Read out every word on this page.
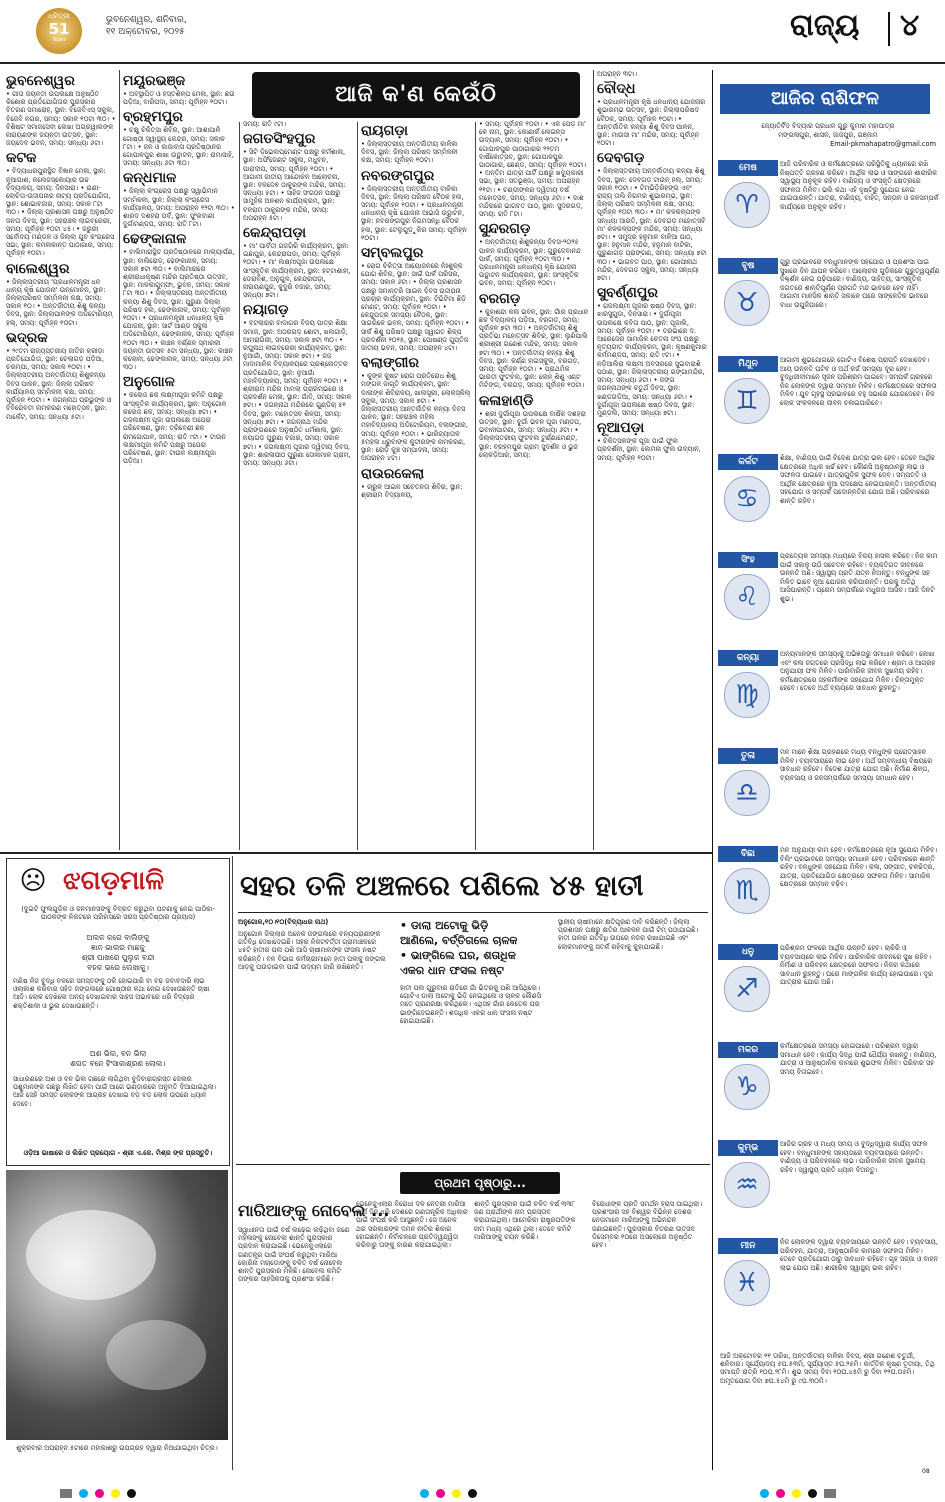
ଧରିତ୍ରୀ
51
Years
ଭୁବନେଶ୍ୱର, ଶନିବାର,
୧୧ ଅକ୍ଟୋବର, ୨୦୨୫	ରାଜ୍ୟ ୪
ଆଜି କ'ଣ କେଉଁଠି
ଭୁବନେଶ୍ୱର
• ଗୀତା ଜୟନ୍ତୀ ଉପଲକ୍ଷେ ଅନୁଷ୍ଠିତ କିଶୋର ପ୍ରତିଯୋଗିତାର ପୁରସ୍କାର ବିତରଣ ସମାରୋହ, ସ୍ଥାନ: ବିଜେବିଏସ୍ ସ୍କୁଲ, ବିଜେବି ନଗର, ସମୟ: ସକାଳ ୧୦ଟା ୩୦। • ବିଶିଷ୍ଟ ସମାଜସେବୀ ଲେଖା ଅଗ୍ରୱାଲଙ୍କ ନାରାୟଣଙ୍କ ଜୟନ୍ତୀ ଉତ୍ସବ, ସ୍ଥାନ: ଜୟଦେବ ଭବନ, ସମୟ: ସନ୍ଧ୍ୟା ୬ଟା।
କଟକ
• ବିଦ୍ୟାଧରପୁରସ୍ଥିତ ବିଜ୍ଞାନ ମେଳା, ସ୍ଥାନ: ନୂଆପାଶ, କଲେଜସ୍କୋୟାର ଉଚ୍ଚ ବିଦ୍ୟାଳୟ, ସମୟ: ଦିନସାରା। • ରାଣୀ-ଲୋଚିତା-ଉଦ୍ଦୀପନାର ନାଟ୍ୟ ପ୍ରତିଯୋଗିତା, ସ୍ଥାନ: ଶୋଭାବଜାର, ସମୟ: ସକାଳ ୮ଟା ୩୦। • ଜିଲ୍ଲା ପ୍ରଶାସନ ପକ୍ଷରୁ ଅନୁଷ୍ଠିତ ଜନତା ଦିବସ, ସ୍ଥାନ: ସହରାଞ୍ଚଳ ଲାଇବ୍ରେରୀ, ସମୟ: ପୂର୍ବାହ୍ନ ୧୦ଟା ୪୫। • ଜରୁରୀ ସର୍ବୋଦୟ ମଣ୍ଡଳ ଓ ଜିଲ୍ଲା ଯୁବ କଂଗ୍ରେସ ସଭା, ସ୍ଥାନ: କମଳାକାନ୍ତ ପାଠାଗାର, ସମୟ: ପୂର୍ବାହ୍ନ ୧୦ଟା।
ବାଲେଶ୍ୱର
• ଜିଲ୍ଲାସ୍ତରୀୟ 'ପ୍ରଧାନମନ୍ତ୍ରୀ ଧନ ଧାନ୍ୟ କୃଷି ଯୋଜନା' ଉନ୍ମୋଚନ, ସ୍ଥାନ: ଜିଲ୍ଲାପରିଷଦ ସମ୍ମିଳନୀ କକ୍ଷ, ସମୟ: ସକାଳ ୧୦। • ଅନ୍ତର୍ଜାତୀୟ ଶିଶୁ କନ୍ୟା ଦିବସ, ସ୍ଥାନ: ଜିଲ୍ଲାପାଳଙ୍କ ଅଡିଟୋରିୟମ୍ ହଲ୍, ସମୟ: ପୂର୍ବାହ୍ନ ୧୦ଟା।
ଭଦ୍ରକ
• ୨୯ତମ ରାଜ୍ୟସ୍ତରୀୟ ଜାତିର କ୍ରୀଡ଼ା ପ୍ରତିଯୋଗିତା, ସ୍ଥାନ: ଚେଲାଗଡ଼ ପଡ଼ିଆ, ଚରମ୍ପା, ସମୟ: ସକାଳ ୧୦ଟା। • ଜିଲ୍ଲାସ୍ତରୀୟ ଅନ୍ତର୍ଜାତୀୟ ଶିଶୁକନ୍ୟା ଦିବସ ପାଳନ, ସ୍ଥାନ: ଜିଲ୍ଲା ପରିଷଦ କାର୍ଯ୍ୟାଳୟ ସମ୍ମିଳନୀ କକ୍ଷ, ସମୟ: ପୂର୍ବାହ୍ନ ୧୦ଟା। • ଜଗନ୍ନାଥ ପ୍ରଭୁଙ୍କ ଓ ବିବିରେବତୀ ନାମକରଣ ମହୋତ୍ସବ, ସ୍ଥାନ: ମାର୍କେଟ, ସମୟ: ସନ୍ଧ୍ୟା ୫ଟା।
ମୟୂରଭଞ୍ଜ
• ଅବସ୍ଥାପିତ ଓ ହସ୍ତଶିଳ୍ପ ମେଳା, ସ୍ଥାନ: ଛଉ ପଡ଼ିଆ, ବାରିପଦା, ସମୟ: ପୂର୍ବାହ୍ନ ୧୦ଟା।
ବ୍ରହ୍ମପୁର
• ଚକ୍ଷୁ ଚିକିତ୍ସା ଶିବିର, ସ୍ଥାନ: ଆଶାପାଳି ଗୋଷ୍ଠୀ ସ୍ୱାସ୍ଥ୍ୟ କେନ୍ଦ୍ର, ସମୟ: ସକାଳ ୮ଟା। • ଜନ ଓ କାଜାବାସ ପ୍ରତିଷ୍ଠାନର ଗୋପାଳପୁର ଶାଖା ଉଦ୍ଘାଟନ, ସ୍ଥାନ: ରାମାସାହି, ସମୟ: ସନ୍ଧ୍ୟା ୬ଟା ୩୦।
କନ୍ଧମାଳ
• ଜିଲ୍ଲା କଂଗ୍ରେସ ପକ୍ଷରୁ ସ୍ୱାଭିମାନ ସମ୍ମିଳନୀ, ସ୍ଥାନ: ଜିଲ୍ଲା କଂଗ୍ରେସ କାର୍ଯ୍ୟାଳୟ, ସମୟ: ଅପରାହ୍ନ ୧୨ଟା ୩୦। • ଶାରଦ ଦଶହରା ପର୍ବ, ସ୍ଥାନ: ଫୁଲବାଣୀ ଦୁର୍ଗାମଣ୍ଡପ, ସମୟ: ରାତି ୮ଟା।
ଢେଙ୍କାନାଳ
• ବାଲିମାରାସ୍ଥିତ ପ୍ରତିଷ୍ଠାନରେ ମାଲ୍ୟାର୍ପଣ, ସ୍ଥାନ: ବାଲିରୋଡ଼, ଢେଙ୍କାନାଳ, ସମୟ: ସକାଳ ୭ଟା ୩୦। • ବାଲିମାରାରେ ଶ୍ରୀରାଧାକୃଷ୍ଣ ମନ୍ଦିର ପ୍ରତିଷ୍ଠା ଉତ୍ସବ, ସ୍ଥାନ: ମାଳକାଗୁମ୍ଫା, ଭୁବନ, ସମୟ: ସକାଳ ୮ଟା ୩୦। • ଜିଲ୍ଲାସ୍ତରୀୟ ଅନ୍ତର୍ଜାତୀୟ କନ୍ୟା ଶିଶୁ ଦିବସ, ସ୍ଥାନ: ପୁରୁଣା ଜିଲ୍ଲା ପରିଷଦ ହଲ, ଢେଙ୍କାନାଳ, ସମୟ: ପୂର୍ବାହ୍ନ ୧୦ଟା। • ପ୍ରଧାନମନ୍ତ୍ରୀ ଧନଧାନ୍ୟ କୃଷି ଯୋଜନା, ସ୍ଥାନ: ସାର୍ଟ ଆଣ୍ଡ ସ୍କୁଲ ଅଡିଟୋରିୟମ, ଢେଙ୍କାନାଳ, ସମୟ: ପୂର୍ବାହ୍ନ ୧୦ଟା ୩୦। • କାଞ୍ଚନ ବର୍ଣ୍ଣନ ସ୍ମାରକୀ ଜୟନ୍ତୀ ଉତ୍ସବ ୫ଟା ସନ୍ଧ୍ୟା, ସ୍ଥାନ: କାଞ୍ଚନ କଲୋନୀ, ଢେଙ୍କାନାଳ, ସମୟ: ସନ୍ଧ୍ୟା ୬ଟା ୩୦।
ଅନୁଗୋଳ
• କଲେଜ ଛକ ଲକ୍ଷ୍ମୀପୂଜା କମିଟି ପକ୍ଷରୁ ସାଂସ୍କୃତିକ କାର୍ଯ୍ୟକ୍ରମ, ସ୍ଥାନ: ଅନୁଗୋଳ କଲେଜ ଛକ, ସମୟ: ସନ୍ଧ୍ୟା ୭ଟା। • ଗଜଲକ୍ଷ୍ମୀ ପୂଜା ଉପଲକ୍ଷେ ଅପେରା ପରିବେଷଣ, ସ୍ଥାନ: ତ୍ରିବେଣୀ ଛକ ରାମଗୋପାଳ, ସମୟ: ରାତି ୯ଟା। • ଟାଉନ ଲକ୍ଷ୍ମୀପୂଜା କମିଟି ପକ୍ଷରୁ ଅପେରା ପରିବେଷଣ, ସ୍ଥାନ: ଟାଉନ ଲକ୍ଷ୍ମୀପୂଜା ପଡ଼ିଆ।
ସମୟ: ରାତି ୯ଟା।
ଜଗତସିଂହପୁର
• ସିଟି ଡ଼ିଭେଲପ୍ମେଣ୍ଟ ପକ୍ଷରୁ କର୍ମଶାଳା, ସ୍ଥାନ: ଅର୍ଫିଜେଣ୍ଟ ସ୍କୁଲ, ମଧୁବନ, ପାରାଦୀପ, ସମୟ: ପୂର୍ବାହ୍ନ ୧୦ଟା। • ଆଗାମୀ ଜାତୀୟ ଆନ୍ଦୋଳନ ଆଲୋଚନା, ସ୍ଥାନ: ବଳଦେଵ ଠାକୁରଙ୍କ ମନ୍ଦିର, ସମୟ: ସନ୍ଧ୍ୟା ୫ଟା। • ସାହିଜ ସଂଗଠନ ପକ୍ଷରୁ ସାମୁହିକ ଅନଶନ କାର୍ଯ୍ୟକ୍ରମ, ସ୍ଥାନ: ବଳରାମ ଠାକୁରଙ୍କ ମନ୍ଦିର, ସମୟ: ଅପରାହ୍ନ ୫ଟା।
କେନ୍ଦ୍ରାପଡ଼ା
• ମା' ପାର୍ବତୀ ଗଜଗିରି କାର୍ଯ୍ୟକ୍ରମ, ସ୍ଥାନ: ଇଛାପୁର, କେନ୍ଦ୍ରାପଡ଼ା, ସମୟ: ପୂର୍ବାହ୍ନ ୧୦ଟା। • ମା' ଲକ୍ଷ୍ମୀପୂଜା ଉପଲକ୍ଷେ ସାଂସ୍କୃତିକ କାର୍ଯ୍ୟକ୍ରମ, ସ୍ଥାନ: ହଟ୍ଟାଶାହୀ, ଡେରାବିଶ, ଅନୁଗୁଳ, କେନ୍ଦ୍ରାପଡ଼ା, ନାରାୟଣପୁର, କୁଦୁରି ବଜାର, ସମୟ: ସନ୍ଧ୍ୟା ୭ଟା।
ନୟାଗଡ଼
• ବଟଲାରାର ବାଦାଗର ବିଜୟ ପାତ୍ର ଶିକ୍ଷା ସମାଜ, ସ୍ଥାନ: ଅଠରଗଡ଼ ଶୋଟା, ଖଲଗାଡ଼ି, ଆମରାଗିରୀ, ସମୟ: ସକାଳ ୭ଟା ୩୦। • ରଘୁନାଥ ଲାଇବ୍ରେରୀ କାର୍ଯ୍ୟକ୍ରମ, ସ୍ଥାନ: ନୁଆଗାଁ, ସମୟ: ସକାଳ ୭ଟା। • ଜଜ ମାଦାମାନିକ ବିଦ୍ୟାଳୟରେ ପ୍ରଶ୍ନୋତ୍ତର ପ୍ରତିଯୋଗିତା, ସ୍ଥାନ: ନୁଆଗାଁ ମହାବିଦ୍ୟାଳୟ, ସମୟ: ପୂର୍ବାହ୍ନ ୧୦ଟା। • ଶ୍ରୀରାମ ମନ୍ଦିର ମାମଲା ପ୍ରାରମ୍ଭରେ ଓ ପ୍ରଦର୍ଶନ ମେଳା, ସ୍ଥାନ: ଗାଁଦି, ସମୟ: ସକାଳ ୭ଟା। • ଜଗନ୍ନାଥ ମନ୍ଦିରରେ ଗୁଣ୍ଡିଚା ୫୧ ଦିବସ, ସ୍ଥାନ: ମହୋତ୍ସବ ଶିଳ୍ପୀ, ସମୟ: ସନ୍ଧ୍ୟା ୭ଟା। • ଜଗନ୍ନାଥ ମନ୍ଦିର ପ୍ରାଙ୍ଗଣରେ ଅନୁଷ୍ଠିତ ଧର୍ମଶାଳା, ସ୍ଥାନ: ନୟାଗଡ଼ ପୁରୁଣା ବଜାର, ସମୟ: ସକାଳ ୭ଟା। • ଜଗଲକ୍ଷ୍ମୀ ପୂଜାର ଦ୍ୱିତୀୟ ଦିବସ, ସ୍ଥାନ: ଶାରଳାପୀଠ ପୁରୁଣା ତୋଳାମାଳ ଗ୍ରାମ, ସମୟ: ସନ୍ଧ୍ୟା ୬ଟା।
ରାୟଗଡ଼ା
• ଜିଲ୍ଲାସ୍ତରୀୟ ଅନ୍ତର୍ଜାତୀୟ କାଳିକା ଦିବସ, ସ୍ଥାନ: ଜିଲ୍ଲା ପରିଷଦ ସମ୍ମିଳନୀ କକ୍ଷ, ସମୟ: ପୂର୍ବାହ୍ନ ୧୦ଟା।
ନବରଙ୍ଗପୁର
• ଜିଲ୍ଲାସ୍ତରୀୟ ଅନ୍ତର୍ଜାତୀୟ ବାଳିକା ଦିବସ, ସ୍ଥାନ: ଜିଲ୍ଲା ପରିଷଦ ବୈଠକ ହଲ, ସମୟ: ପୂର୍ବାହ୍ନ ୧୦ଟା। • ପ୍ରଧାନମନ୍ତ୍ରୀ ଧନଧାନ୍ୟ କୃଷି ଯୋଜନା ଆଭାସି ଉଦ୍ଘାଟନ, ସ୍ଥାନ: ନବରଙ୍ଗପୁର ନିଗମସନ୍ଧି ବୈଠକ ହଲ, ସ୍ଥାନ: ଟେଲୁଗୁଡ଼ୁକିର ସମୟ: ପୂର୍ବାହ୍ନ ୧୦ଟା।
ସମ୍ବଲପୁର
• ରୋଗ ଚିକିତ୍ସା ଆୟୋଜନରେ ନିଃଶୁଳ୍କ ଯୋଗ ଶିବିର, ସ୍ଥାନ: ସାଇଁ ପାର୍କ ପରିସର, ସମୟ: ସକାଳ ୬ଟା। • ଜିଲ୍ଲା ପ୍ରଶାସନ ପକ୍ଷରୁ ସମାନ୍ତରି ଆଇନ ଦିବସ ଉଦ୍ଦୀପନା ପ୍ରଚାର କାର୍ଯ୍ୟକ୍ରମ, ସ୍ଥାନ: ଟିଭିଟିମା ଛିଡ଼ି ମେଣ୍ଟ, ସମୟ: ପୂର୍ବାହ୍ନ ୧୦ଟା। • କେନ୍ଦୁପତ୍ର ସମସ୍ୟା ବୈଠକ, ସ୍ଥାନ: ସାଗରିକେ ଭବନ, ସମୟ: ପୂର୍ବାହ୍ନ ୧୦ଟା। • ସାର୍କ ଶିଶୁ ପରିଷଦ ପକ୍ଷରୁ ସ୍ୱାଗତ ଶିଳ୍ପ ପ୍ରଦର୍ଶନୀ ୨୦୨୫, ସ୍ଥାନ: ପୋଷଣ୍ଡ ଗୁପ୍ତିଜ ଜାତୀୟ ଭବନ, ସମୟ: ଅପରାହ୍ନ ୪ଟା।
ବଲାଙ୍ଗୀର
• କୁଙ୍କ କୁଷ୍ଟ ରୋଗ ପ୍ରତିରୋଧ ଶିଶୁ ମଙ୍ଗଳ ଜାଗୃତି କାର୍ଯ୍ୟକ୍ରମ, ସ୍ଥାନ: ଦାଲାଙ୍କ ଶିବିରାଳୟ, ଖାଲସ୍ତ୍ରୀ, ଲୋକସ୍କିଲ୍ ସ୍କୁଲ, ସମୟ: ସକାଳ ୭ଟା। • ଜିଲ୍ଲାସ୍ତରୀୟ ଆନ୍ତର୍ଜାତିକ କନ୍ୟା ଦିବସ ପାଳନ, ସ୍ଥାନ: ସହରାଞ୍ଚଳ ମହିଳା ମହାବିଦ୍ୟାଳୟ ଅଡିଟୋରିୟମ, ବଲାଙ୍ଗୀର, ସମୟ: ପୂର୍ବାହ୍ନ ୧୦ଟା। • ଭାରିଜ୍ୟାତାଳ ୫ମହଲ ଧ୍ରୁବାଙ୍କ କୁଟୀରଙ୍କ ନାମକରଣ, ସ୍ଥାନ: ରୋଡ଼ି କୁଞ୍ଚ ସମ୍ପାଦନା, ସମୟ: ଅପରାହ୍ନ ୪ଟା।
ରାଉରକେଲା
• ଚାରୁଳ ଆଇନ ସଚେତନତା ଶିବିର, ସ୍ଥାନ: ଶ୍ରୀରାମ ବିଦ୍ୟାଳୟ,
• ସମୟ: ପୂର୍ବାହ୍ନ ୧୦ଟା। • ଏକ ପେଡ଼ ମା' କେ ନାମ, ସ୍ଥାନ: କୋଣାର୍କ ଲେଇନ୍ସ ଉଦ୍ୟାନ, ସମୟ: ପୂର୍ବାହ୍ନ ୧୦ଟା। • ଗୋପାଳପୁର ପାଠାଗାରର ୨୨ତମ ବାର୍ଷିକୋତ୍ସବ, ସ୍ଥାନ: ଗୋପାଳପୁର ପାଠାଗାର, ଛେଣ୍ଡ, ସମୟ: ପୂର୍ବାହ୍ନ ୧୦ଟା। • ଅନ୍ତିମ ଯାତ୍ରା ପାର୍ଟି ପକ୍ଷରୁ ଖଦ୍ୟୁକାରୀ ସଭା, ସ୍ଥାନ: ସତଭୂଞ୍ଜା, ସମୟ: ଅପରାହ୍ନ ୧୧ଟା। • ଚଣ୍ଡୀଙ୍କର ଦ୍ୱିତୀୟ ବର୍ଷ ମହୋତ୍ସବ, ସମୟ: ସନ୍ଧ୍ୟା ୬ଟା। • ଦାଶ ମନ୍ଦିରରେ ଭାଗବତ ପାଠ, ସ୍ଥାନ: ସୁଦରଗଡ଼, ସମୟ: ରାତି ୮ଟା।
ସୁନ୍ଦରଗଡ଼
• ଅନ୍ତର୍ଜାତୀୟ ଶିଶୁକନ୍ୟା ଦିବସ-୨୦୨୫ ପାଳନ କାର୍ଯ୍ୟକ୍ରମ, ସ୍ଥାନ: ଗୁରୁଦେବାନନ୍ଦ ପାର୍କ, ସମୟ: ପୂର୍ବାହ୍ନ ୧୦ଟା ୩୦। • ପ୍ରଧାନମନ୍ତ୍ରୀ ଧନଧାନ୍ୟ କୃଷି ଯୋଜନା ଉଦ୍ଘାଟନ କାର୍ଯ୍ୟକ୍ରମ, ସ୍ଥାନ: ସାଂସ୍କୃତିକ ଭବନ, ସମୟ: ପୂର୍ବାହ୍ନ ୧୦ଟା।
ବରଗଡ଼
• କୁହାଶନ୍ଦା କଳା ଭବନ, ସ୍ଥାନ: ଗାଁର ପ୍ରଧାନ ଛକ ବିଦ୍ୟାଳୟ ପଡ଼ିଆ, ବରଗଡ଼, ସମୟ: ପୂର୍ବାହ୍ନ ୭ଟା ୩୦। • ଅନ୍ତର୍ଜାତୀୟ ଶିଶୁ ପ୍ରତିଭା ମହୋତ୍ସବ ଶିବିର, ସ୍ଥାନ: ଲୁଣିପାଲି ଶ୍ରୀଶ୍ରୀ ଗଣେଶ ମନ୍ଦିର, ସମୟ: ସକାଳ ୭ଟା ୩୦। • ଅନ୍ତର୍ଜାତୀୟ କନ୍ୟା ଶିଶୁ ଦିବସ, ସ୍ଥାନ: କର୍ଣ୍ଣ ହାଇସ୍କୁଲ, ବରଗଡ଼, ସମୟ: ପୂର୍ବାହ୍ନ ୧୦ଟା। • ପ୍ରାଥମିକ ଭାରତୀ ଫୁଟବଲ, ସ୍ଥାନ: ଲେନ୍ ଶିଶୁ ଏଣ୍ଟ ମିଟିଙ୍ଗ, ବରଗଡ଼, ସମୟ: ପୂର୍ବାହ୍ନ ୧୦ଟା।
କଳାହାଣ୍ଡି
• ଶ୍ରୀ ଦୁର୍ଗାପୂଜା ଉପଲକ୍ଷେ ବାର୍ଷିକ ଦଶହରା ଉତ୍ସବ, ସ୍ଥାନ: ଦୁର୍ଗା ଭବନ ପୂଜା ମଣ୍ଡପ, ଭବାନୀପାଟଣା, ସମୟ: ସନ୍ଧ୍ୟା ୬ଟା। • ଜିଲ୍ଲାସ୍ତରୀୟ ଫୁଟବଲ ଟୁର୍ଣ୍ଣାମେଣ୍ଟ, ସ୍ଥାନ: ବ୍ରହ୍ମପୁର ଗ୍ରାମ ସୁଦର୍ଶନ ଓ ଭୁଜ ଲୋକଡ଼ିଆର, ସମୟ:
ଅପରାହ୍ନ ୩ଟା।
ବୌଦ୍ଧ
• ପ୍ରଧାନମନ୍ତ୍ରୀ କୃଷି ଧନଧାନ୍ୟ ଯୋଜନାର ଶୁଭାରମ୍ଭ ଉତ୍ସବ, ସ୍ଥାନ: ଜିଲ୍ଲାପରିଷଦ ବୈଠକ, ସମୟ: ପୂର୍ବାହ୍ନ ୧୦ଟା। • ଆନ୍ତର୍ଜାତିକ କନ୍ୟା ଶିଶୁ ଦିବସ ପାଳନ, ସ୍ଥାନ: ମାଉସୀ ମା' ମନ୍ଦିର, ସମୟ: ପୂର୍ବାହ୍ନ ୧୦ଟା।
ଦେବଗଡ଼
• ଜିଲ୍ଲାସ୍ତରୀୟ ଅନ୍ତର୍ଜାତୀୟ କନ୍ୟା ଶିଶୁ ଦିବସ, ସ୍ଥାନ: ଦେବଗଡ଼ ଟାଉନ୍ ହଲ୍, ସମୟ: ସକାଳ ୧୦ଟା। • ଟିମ୍‌ଭିଡ଼ିରିହଙ୍ଗ ଏବଂ ରାଜ୍ୟ ତାଲି ନିଗମର ଶୁଭାରମ୍ଭ, ସ୍ଥାନ: ଜିଲ୍ଲା ପରିଷଦ ସମ୍ମିଳନୀ କକ୍ଷ, ସମୟ: ପୂର୍ବାହ୍ନ ୧୦ଟା ୩୦। • ମା' କଳକଳ୍ପଙ୍କ ସନ୍ଧ୍ୟା ଆରତି, ସ୍ଥାନ: ଦେବଗଡ଼ ମହୋତ୍ସବି ମା' କଳକଳ୍ପଙ୍କ ମନ୍ଦିର, ସମୟ: ସନ୍ଧ୍ୟା ୭ଟା। • ସମୁଦ୍ର ହନୁମାନ ବାଳିଆ ପାଠ, ସ୍ଥାନ: ହନୁମାନ ମନ୍ଦିର, ହନୁମାନ ବାଟିକା, ପୁରୁଣାଗଡ଼ ପ୍ରାଙ୍ଗଣ, ସମୟ: ସନ୍ଧ୍ୟା ୭ଟା ୩୦। • ଭାଗବତ ପାଠ, ସ୍ଥାନ: ଗୋପୀନାଥ ମନ୍ଦିର, ଦେବଗଡ଼ ସ୍କୁଲ, ସମୟ: ସନ୍ଧ୍ୟା ୭ଟା।
ସୁବର୍ଣ୍ଣପୁର
• ଗଜଲକ୍ଷ୍ମୀ ପୂଜାର ଷଷ୍ଠ ଦିବସ, ସ୍ଥାନ: ଝାରସୁଗୁଡ଼ା, ଦିନସାରା। • ଦୁର୍ଗାପୂଜା ଉପଲକ୍ଷେ କବିତା ପାଠ, ସ୍ଥାନ: ପୂଜାଲି, ସମୟ: ପୂର୍ବାହ୍ନ ୧୦ଟା। • ତରଭାରେ ଦ. ଆରେଜେର ସାମାଜିକ ଚେତନା ସଂଘ ପକ୍ଷରୁ ନୃତ୍ୟଗୀତ କାର୍ଯ୍ୟକ୍ରମ, ସ୍ଥାନ: କୃଷ୍ଣକୁମାର କର୍ମମଣ୍ଡପ, ସମୟ: ରାତି ୯ଟା। • ନଡ଼ିଆଲିରା ଲକ୍ଷ୍ମୀ ଅବସରରେ ସୁଇବାରାଶି ପଠାଣ, ସ୍ଥାନ: ଜିଲ୍ଲାସ୍ତରୀୟ ଗଙ୍ଗାମନ୍ଦିର, ସମୟ: ସନ୍ଧ୍ୟା ୬ଟା। • ଜଙ୍ଗ ଜଗନ୍ନାଥଙ୍କ ଚତୁର୍ଥ ଦିବସ, ସ୍ଥାନ: ଖଣ୍ଡଗଡ଼ିଆ, ସମୟ: ସନ୍ଧ୍ୟା ୬ଟା। • ଦୁର୍ଗାପୂଜା ଉପଲକ୍ଷେ ଷଷ୍ଠ ଦିବସ, ସ୍ଥାନ: ମୁଣ୍ଡଲି, ସମୟ: ସନ୍ଧ୍ୟା ୭ଟା।
ନୂଆପଡ଼ା
• ଚିକିତ୍ସକଙ୍କ ପୂଜା ପାଇଁ ଫୁଲ ପ୍ରଦର୍ଶନୀ, ସ୍ଥାନ: କୋମନା ଫୁଲ ଉଦ୍ୟାନ, ସମୟ: ପୂର୍ବାହ୍ନ ୧୦ଟା।
ଆଜିର ରାଶିଫଳ
ଜ୍ୟୋତିର୍ବିଦ ବିଦ୍ୟାର ପ୍ରଧାନ ଗୁରୁ କୁମାର ମହାପାତ୍ର
ମଙ୍ଗଳାପୁର, ଶାସନ, ଜାଜପୁର, ଗଞ୍ଜାମ
Email-pkmahapatro@gmail.com
ମେଷ
♈
ଆଜି ପରିବାରିକ ଓ କର୍ମକ୍ଷେତ୍ରରେ ପରିସ୍ଥିତିକୁ ଧ୍ୟାନରେ ରଖି ନିଷ୍ପତ୍ତି ଗ୍ରହଣ କରିବେ। ଆର୍ଥିକ ଲାଭ ଓ ସାଙ୍ଗରେ ଶାରୀରିକ ସ୍ୱାସ୍ଥ୍ୟ ଅନୁକୂଳ ରହିବ। ବାଣିଜ୍ୟ ଓ ସଂସ୍କୃତି କ୍ଷେତ୍ରରେ ସଫଳତା ମିଳିବ। ଭଲି କଥା ଏହି ଦୃଷ୍ଟିରୁ ସୁଯୋଗ ନେଇ ଯାଇପାରନ୍ତି। ଯାତ୍ରା, ବାଣିଜ୍ୟ, ବାହିତ, ସନ୍ତାନ ଓ ଜନସମ୍ପର୍କ କାର୍ଯ୍ୟରେ ଅନୁକୂଳ ରହିବ।
ବୃଷ
♉
ଗୁରୁ ପ୍ରଭାବରେ ବନ୍ଧୁମାନଙ୍କ ସହଯୋଗ ଓ ପ୍ରଶଂସା ପାଇ ସୁଖରେ ଦିନ ଯାପନ କରିବେ। ଆଲୋଚନା ଗୁଡ଼ିକରେ ଗୁରୁତ୍ୱପୂର୍ଣ୍ଣ ଦିଗ୍ଦର୍ଶନ ନେଇ ପଢ଼ିପାରେ। ବାଣିଜ୍ୟ, ସାହିତ୍ୟ, ସାଂସ୍କୃତିକ ଜଗତରେ ଶାନ୍ତିପୂର୍ଣ୍ଣ ପ୍ରଗତି ମନ୍ଦ ଭାବରେ ହେବ ନାହିଁ। ଆଗାମୀ ମାନସିକ ଶାନ୍ତି ସକାଳେ ଘରେ ସାଙ୍କେତିକ ଭାବରେ ବାଧା ଉପୁଜିପାରେ।
ମିଥୁନ
♊
ଆଗାମୀ ଶୁଭଯୋଗରେ ଗୋଟିଏ ବିଶେଷ ପ୍ରାପ୍ତି ଦେଖାଦେବ। ଆୟ ଉନ୍ନତି ଘଟିବ ଓ ଅର୍ଥ କର୍ଜ ସମସ୍ୟା ଦୂର ହେବ। ବୁଦ୍ଧିଜୀବୀମାନେ ସୃଜନ ପରିଶ୍ରମ ପାଇବେ। ସମ୍ପର୍କ ଗ୍ରହରେ ନିଜ ଲୋକଙ୍କ ଦ୍ୱାରା ସମ୍ମାନ ମିଳିବ। କର୍ମକ୍ଷେତ୍ରରେ ସଫଳତା ମିଳିବ। ଯୁବ ଗୃହସ୍ଥ ପ୍ରଭାବରେ ବହୁ ସଭାରେ ଯୋଗଦେବେ। ନିଜ ଲୋକ ସଂକଳନରେ ଜୀବନ ଚଳାଇପାରିବେ।
କର୍କଟ
♋
ଶିକ୍ଷା, ବାଣିଜ୍ୟ ପାଇଁ ବିଦେଶ ଯାତ୍ରା ଭଲ ହେବ। ତେବେ ଆର୍ଥିକ କ୍ଷେତ୍ରରେ ଅଧିକ ଖର୍ଚ୍ଚ ହେବ। କୌଣସି ଅନୁଷ୍ଠାନରୁ ଲାଭ ଓ ସଫଳତା ପାଇବେ। ଯାତ୍ରାଗୁଡ଼ିକ ସୁଫଳ ଦେବ। ସମ୍ପତ୍ତି ଓ ଆର୍ଥିକ କ୍ଷେତ୍ରରେ ନୂଆ ପଦକ୍ଷେପ ନେଇପାରନ୍ତି। ଅନ୍ତର୍ଜାତୀୟ ସହଯୋଗ ଓ ସମ୍ପର୍କ ପଦୋନ୍ନତିର ଯୋଗ ଅଛି। ପରିବାରରେ ଶାନ୍ତି ରହିବ।
ସିଂହ
♌
ପ୍ରତ୍ୟେକ ସମସ୍ୟା ମଧ୍ୟରେ ବିଜୟ ହାସଲ କରିବେ। ନିଜ କାମ ପାଇଁ ସକାଳୁ ଉଠି ସଚେତନ ରହିବେ। ବ୍ୟକ୍ତିଗତ ଜୀବନରେ ଉନ୍ନତି ଅଛି। ସ୍ୱାସ୍ଥ୍ୟ ପ୍ରତି ଯତ୍ନ ନିଅନ୍ତୁ। ବନ୍ଧୁଙ୍କ ସହ ମିଳିତ ଭାବେ ନୂଆ ଯୋଜନା କରିପାରନ୍ତି। ଘରକୁ ଅତିଥି ଆସିପାରନ୍ତି। ପ୍ରେମ ସମ୍ପର୍କରେ ମଧୁରତା ଆସିବ। ଆଜି ଦିନଟି ଶୁଭ।
କନ୍ୟା
♍
ଅନ୍ୟମାନଙ୍କ ସମସ୍ୟାକୁ ଅଭିଜ୍ଞତାରୁ ସମାଧାନ କରିବେ। ଲେଖା ଏବଂ କଳା ଜଗତରେ ପ୍ରସିଦ୍ଧି ଲାଭ କରିବେ। ଶ୍ରମ ଓ ଆଗ୍ରହ ଅନୁଯାୟୀ ଫଳ ମିଳିବ। ପାରିବାରିକ ଜୀବନ ସୁଖମୟ ରହିବ। କର୍ମକ୍ଷେତ୍ରରେ ସହକର୍ମୀଙ୍କ ସହଯୋଗ ମିଳିବ। ଚିନ୍ତାମୁକ୍ତ ହେବେ। ତେବେ ଅର୍ଥ ବ୍ୟୟରେ ସାବଧାନ ରୁହନ୍ତୁ।
ତୁଳା
♎
ମନ ମାନେ ଶିକ୍ଷା ଗ୍ରହଣରେ ମଧ୍ୟ ବନ୍ଧୁଙ୍କ ପ୍ରୋତ୍ସାହନ ମିଳିବ। ବ୍ୟବସାୟରେ ଲାଭ ହେବ। ଅର୍ଥ ସମ୍ବନ୍ଧୀୟ ବିଷୟରେ ସାବଧାନ ରହିବେ। ବିଦେଶ ଯାତ୍ରା ଯୋଗ ଅଛି। ନିର୍ମାଣ ଶିଳ୍ପ, ବ୍ୟବସାୟ ଓ ଜନସମ୍ପର୍କରେ ସମସ୍ୟା ସମାଧାନ ହେବ।
ବିଛା
♏
ମନ ଅନୁଯାୟୀ କାମ ହେବ। କର୍ମକ୍ଷେତ୍ରରେ ନୂଆ ସୁଯୋଗ ମିଳିବ। ବିଲିଂ ପ୍ରଭାବରେ ସମସ୍ୟା ସମାଧାନ ହେବ। ପରିବାରରେ ଶାନ୍ତି ରହିବ। ବନ୍ଧୁଙ୍କ ସହଯୋଗ ମିଳିବ। କଳା, ସଙ୍ଗୀତ, ଚଳଚ୍ଚିତ୍ର, ଯାତ୍ରା, ପ୍ରତିଯୋଗିତା କ୍ଷେତ୍ରରେ ସଫଳତା ମିଳିବ। ସାମାଜିକ କ୍ଷେତ୍ରରେ ସମ୍ମାନ ବଢ଼ିବ।
ଧନୁ
♐
ପରିଶ୍ରମ ଫଳରେ ଆର୍ଥିକ ଉନ୍ନତି ହେବ। ଚାକିରି ଓ ବ୍ୟବସାୟରେ ଲାଭ ମିଳିବ। ପାରିବାରିକ ଜୀବନରେ ସୁଖ ରହିବ। ନିର୍ମାଣ ଓ ପରିବହନ କ୍ଷେତ୍ରରେ ସଫଳତା। ନିଜର କଥାରେ ସାବଧାନ ରୁହନ୍ତୁ। ଘରେ ମାଙ୍ଗଳିକ କାର୍ଯ୍ୟ ହୋଇପାରେ। ଦୂର ଯାତ୍ରାର ଯୋଗ ଅଛି।
ମକର
♑
କର୍ମକ୍ଷେତ୍ରରେ ସମସ୍ୟା ହୋଇପାରେ। ପରିଶ୍ରମ ଦ୍ୱାରା ସମାଧାନ ହେବ। କାର୍ଯ୍ୟ ସିଦ୍ଧି ପାଇଁ ଧୈର୍ଯ୍ୟ ରଖନ୍ତୁ। ବାଣିଜ୍ୟ, ଯାତ୍ରା ଓ ଆନୁଷ୍ଠାନିକ କାମରେ ଶୁଭଫଳ ମିଳିବ। ପରିବାର ସହ ସମୟ ବିତାଇବେ।
କୁମ୍ଭ
♒
ଆଜିର ଗ୍ରହ ଓ ମଧ୍ୟ ସମୟ ଓ ବୁଦ୍ଧିଦ୍ୱାରା କାର୍ଯ୍ୟ ସଫଳ ହେବ। ବନ୍ଧୁମାନଙ୍କ ସହାୟତାରେ ବ୍ୟବସାୟରେ ଉନ୍ନତି। ବାଣିଜ୍ୟ ଓ ପରିବହନରେ ଲାଭ। ପାରିବାରିକ ଜୀବନ ସୁଖମୟ ରହିବ। ସ୍ୱାସ୍ଥ୍ୟ ପ୍ରତି ଧ୍ୟାନ ଦିଅନ୍ତୁ।
ମୀନ
♓
ନିଜ ଲୋକଙ୍କ ଦ୍ୱାରା ବ୍ୟବସାୟରେ ଉନ୍ନତି ହେବ। ବ୍ୟବସାୟ, ପରିବହନ, ଯାତ୍ରା, ଆନୁଷ୍ଠାନିକ କାମରେ ସଫଳତା ମିଳିବ। ତେବେ ପ୍ରତିଯୋଗୀ ଠାରୁ ସାବଧାନ ରହିବେ। ଗୃହ ସଜ୍ଜା ଓ ବାହନ ଲାଭ ଯୋଗ ଅଛି। ଶାରୀରିକ ସ୍ୱାସ୍ଥ୍ୟ ଭଲ ରହିବ।
ଆଜି ଅକ୍ଟୋବର ୧୧ ତାରିଖ, ଅନ୍ତର୍ଜାତୀୟ ବାଳିକା ଦିବସ, ଶ୍ରୀ ଗଣେଶ ଚତୁର୍ଥୀ, ଶନିବାର। ସୂର୍ଯ୍ୟୋଦୟ ୫ଘ.୫୩ମି, ସୂର୍ଯ୍ୟାସ୍ତ ୫ଘ.୨୫ମି। କାର୍ତ୍ତିକ କୃଷ୍ଣ ତୃତୀୟା, ତିଥି ସମାପ୍ତି ରାତ୍ରି ୧୦ଘ.୨୮ମି। ଶୁଭ ସମୟ ଦିବା ୧୦ଘ.୪୫ମି ରୁ ଦିବା ୧୨ଘ.୦୫ମି। ଅମୃତଯୋଗ ଦିବା ୭ଘ.୫୪ମି ରୁ ୯ଘ.୩୦ମି।
☹ ଝଗଡ଼ମାଳି
(ଦୁଇଟି ଫୁଲଗୁଡ଼ିକ ଓ ଜନମାନସଙ୍କୁ ବିବ୍ରତ କରୁଥିବା ଘଟଣାକୁ ନେଇ ପାଠିକା-ପାଠକଙ୍କ ନିକଟରେ ପରିହାସରେ ସରସ ପ୍ରତିଷ୍ଠାର ପ୍ରୟାସ)
ଅଲଳ କରେ ବାଲିଙ୍କୁ
ଜ୍ଞାନ ଭାଲର ମାଛକୁ
ଶ୍ରୀ ପାଖରେ ପୁଲୁକ ବନ୍ଦୀ
ବହକ ଭରେ ଲେଖାକୁ।
ମଣିଷ ନିଜ ବୁଦ୍ଧି ବଳରେ ସମସ୍ତଙ୍କୁ ଠକି ହୋଇପାରି ବା ବଢ଼ ଜବାବଦାରି ଲାଭ ଓଲାକାଶ କରିବାର ସହିତ ଜଙ୍ଗଲରେ ଗୋଷ୍ଠୀର କଥା ନେଇ ଦେଖାଉଛନ୍ତି ଚାଷୀ ଆଦି। ଲୋକ ଦେଖିଲେ ଅନ୍ୟ ଦେଖାଇବାର ସାହସ ଅଭାବରେ ଧରି ବିଦ୍ୟାର ଶକ୍ତିଶାଳୀ ଓ ଭୁଲ ଦେଖାଉଛନ୍ତି।
ଅଶ ଭିଲ, ବନ ଭିଲା
ଶଗତ ବନେ ହିଂସାକାଶ୍ରଣ ଲୋଳା।
ସାଧାରଣରେ ଅଶ ଓ ବନ ଭିଲ ଗଛରେ ଲାଗିଥିବା ବୁଦିବାରାଗ୍ରସ୍ତ ଜେଲର ପଶୁମାନଙ୍କ ଗଛରୁ ଲିଖିତ ହେବା ପାଇଁ ଆଗେ ଭଣ୍ଡାରରେ ଅନୁମତି ଦିଆଯାଇଥିଲା। ଆଜି ସେହି ସମସ୍ତ ଲୋକଙ୍କ ଆଗ୍ରହ ଦେଖାଇ ବଡ଼ ବଡ଼ ଲୋକ ଉପରେ ଧ୍ୟାନ ଦେବେ।
ଓଡ଼ିଆ ଭାଷାରେ ଓ ଲିଖିତ ପ୍ରୟୋଗ - ଶ୍ରୀ ଏ.ଜେ. ମିଶ୍ର ଙ୍କ ପ୍ରସ୍ତୁତି।
ଶୁକ୍ରବାର ଅପରାହ୍ନ ୫ଟାରେ ମହାକାଶରୁ ଉପଗ୍ରହ ଦ୍ୱାରା ନିଆଯାଇଥିବା ଚିତ୍ର।
ସହର ତଳି ଅଞ୍ଚଳରେ ପଶିଲେ ୪୫ ହାତୀ
ଅନୁଗୋଳ,୧୦।୧୦(ବିଦ୍ୟାଧର ନାଥ)
ଅନୁଗୋଳ ଜିଲ୍ଲାର ଅନେକ ଜଙ୍ଗଲରେ ବନ୍ୟପ୍ରାଣୀଙ୍କ ଗତିବିଧି ଦେଖାଦେଇଛି। ସହର ନିକଟବର୍ତ୍ତୀ ଗ୍ରାମାଞ୍ଚଳରେ ୪୫ଟି ହାତୀର ପଲ ପଶି ଆସି ଚାଷୀମାନଙ୍କ ଫସଲ ନଷ୍ଟ କରିଛନ୍ତି। ବନ ବିଭାଗ କର୍ମଚାରୀମାନେ ହାତୀ ପଲକୁ ଜଙ୍ଗଲ ଆଡ଼କୁ ଘଉଡ଼ାଇବା ପାଇଁ ଉଦ୍ୟମ ଜାରି ରଖିଛନ୍ତି।
• ଡାଲା ଅଟୋକୁ ଭିଡ଼ି
ଆଣିଲେ, ବର୍ତ୍ତିଗଲେ ଚାଳକ
• ଭାଙ୍ଗିଲେ ଘର, ଶତାଧିକ
ଏକର ଧାନ ଫସଲ ନଷ୍ଟ
ହାତୀ ପଲ ଗୁରୁବାର ରାତିରେ ଗାଁ ଭିତରକୁ ପଶି ଆସିଥିଲେ। ଗୋଟିଏ ଡାଲା ଅଟୋକୁ ଭିଡ଼ି ନେଇଥିଲେ ଓ ଚାଳକ କୌଣସି ମତେ ପ୍ରାଣରକ୍ଷା କରିଥିଲେ। ଏଥିସହ ଗାଁର କେତେକ ଘର ଭାଙ୍ଗିଦେଇଛନ୍ତି। ଶତାଧିକ ଏକର ଧାନ ଫସଲ ନଷ୍ଟ ହୋଇଯାଇଛି।
ସ୍ଥାନୀୟ ଚାଷୀମାନେ କ୍ଷତିପୂରଣ ଦାବି କରିଛନ୍ତି। ଜିଲ୍ଲା ପ୍ରଶାସନ ପକ୍ଷରୁ କ୍ଷତିର ଆକଳନ ପାଇଁ ଟିମ୍ ପଠାଯାଇଛି। ହାତୀ ପଲର ଗତିବିଧି ଉପରେ ନଜର ରଖାଯାଇଛି ଏବଂ ଲୋକମାନଙ୍କୁ ସତର୍କ ରହିବାକୁ କୁହାଯାଇଛି।
ପ୍ରଥମ ପୃଷ୍ଠାରୁ...
ମାରିଆଙ୍କୁ ନୋବେଲ ...
ସ୍ୱାଧୀନତା ପାଇଁ ବର୍ଷ ଲଢ଼େଇ ଲଢ଼ିଥିବା ଜଣେ ମହିଳାଙ୍କୁ ନୋବେଲ ଶାନ୍ତି ପୁରସ୍କାର ପ୍ରଦାନ କରାଯାଇଛି। ଭେନେଜୁଏଲାରେ ଗଣତନ୍ତ୍ର ପାଇଁ ସଂଘର୍ଷ କରୁଥିବା ମାରିଆ କୋରିନା ମଚାଡୋଙ୍କୁ ଚଳିତ ବର୍ଷ ନୋବେଲ ଶାନ୍ତି ପୁରସ୍କାର ମିଳିଛି। ନୋବେଲ କମିଟି ତାଙ୍କର ସାହସିକତାକୁ ପ୍ରଶଂସା କରିଛି।
ଭେନେଜୁଏଲାର ବିରୋଧୀ ଦଳ ନେତ୍ରୀ ମାରିଆ ଦୀର୍ଘ ଦିନ ଧରି ଦେଶରେ ଗଣତାନ୍ତ୍ରିକ ଅଧିକାର ପାଇଁ ସଂଘର୍ଷ କରି ଆସୁଛନ୍ତି। ସେ ଅନେକ ଥର ସରକାରଙ୍କ ଦମନ ନୀତିର ଶିକାର ହୋଇଛନ୍ତି। ନିର୍ବାଚନରେ ପ୍ରତିଦ୍ୱନ୍ଦ୍ୱିତା କରିବାରୁ ତାଙ୍କୁ ବାରଣ କରାଯାଇଥିଲା।
ଶାନ୍ତି ପୁରସ୍କାର ପାଇଁ ଚଳିତ ବର୍ଷ ୩୩୮ ଜଣ ପ୍ରାର୍ଥୀଙ୍କ ନାମ ପ୍ରସ୍ତାବ କରାଯାଇଥିଲା। ଆମେରିକା ରାଷ୍ଟ୍ରପତିଙ୍କ ନାମ ମଧ୍ୟ ଏଥିରେ ଥିଲା। ତେବେ କମିଟି ମାରିଆଙ୍କୁ ଚୟନ କରିଛି।
ବିରୋଧୀଙ୍କ ପ୍ରତି ସମର୍ଥନ ହ୍ରାସ ପାଇଥିଲା। ପ୍ରଶଂସାର ସହ ବିଶ୍ୱର ବିଭିନ୍ନ ଦେଶର ନେତାମାନେ ମାରିଆଙ୍କୁ ଅଭିନନ୍ଦନ ଜଣାଇଛନ୍ତି। ପୁରସ୍କାର ବିତରଣ ଉତ୍ସବ ଡିସେମ୍ବର ୧୦ରେ ଅସଲୋରେ ଅନୁଷ୍ଠିତ ହେବ।

08
